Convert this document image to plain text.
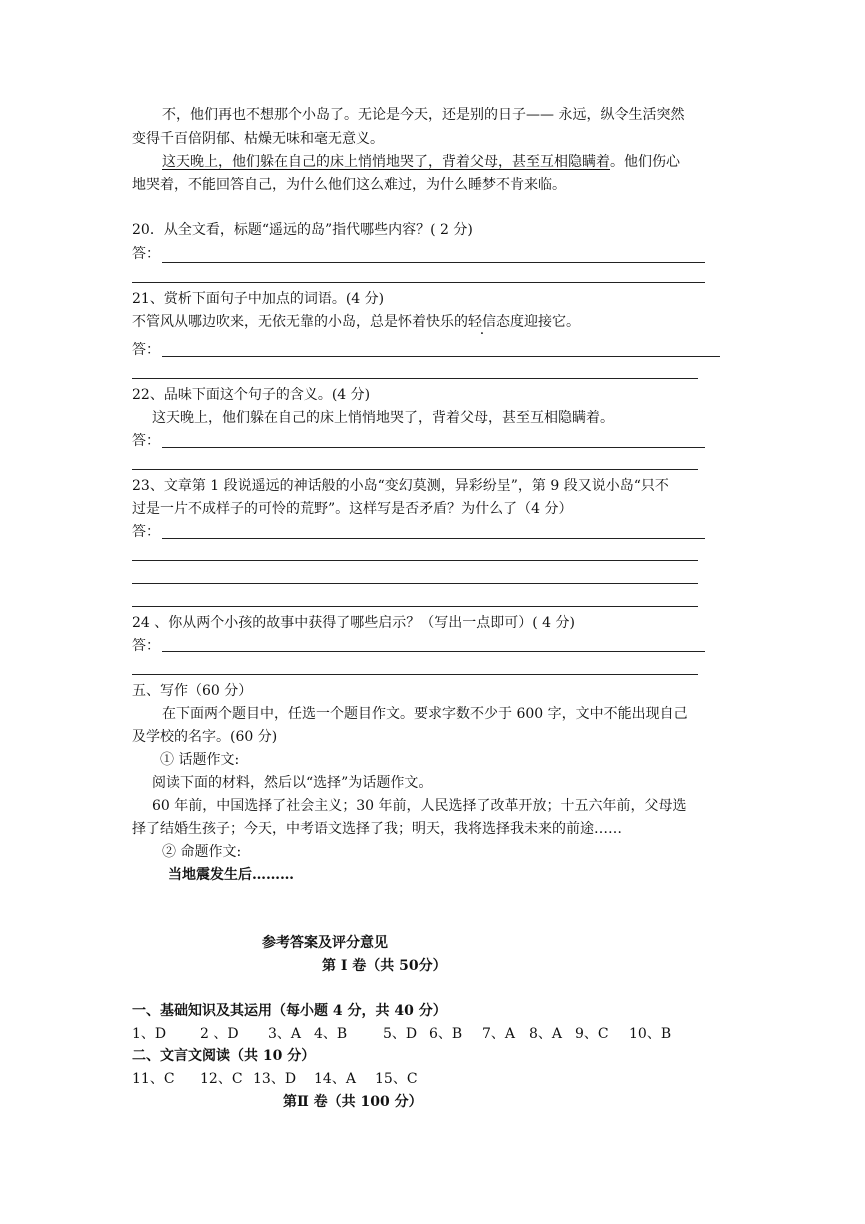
不，他们再也不想那个小岛了。无论是今天，还是别的日子—— 永远，纵令生活突然
变得千百倍阴郁、枯燥无味和毫无意义。
这天晚上，他们躲在自己的床上悄悄地哭了，背着父母，甚至互相隐瞒着。他们伤心
地哭着，不能回答自己，为什么他们这么难过，为什么睡梦不肯来临。
20．从全文看，标题“遥远的岛”指代哪些内容？( 2 分)
答：
21、赏析下面句子中加点的词语。(4 分)
不管风从哪边吹来，无依无靠的小岛，总是怀着快乐的轻信态度迎接它。
答：
22、品味下面这个句子的含义。(4 分)
这天晚上，他们躲在自己的床上悄悄地哭了，背着父母，甚至互相隐瞒着。
答：
23、文章第 1 段说遥远的神话般的小岛“变幻莫测，异彩纷呈”，第 9 段又说小岛“只不
过是一片不成样子的可怜的荒野”。这样写是否矛盾？为什么了（4 分）
答：
24 、你从两个小孩的故事中获得了哪些启示？（写出一点即可）( 4 分)
答：
五、写作（60 分）
在下面两个题目中，任选一个题目作文。要求字数不少于 600 字，文中不能出现自己
及学校的名字。(60 分)
① 话题作文:
阅读下面的材料，然后以“选择”为话题作文。
60 年前，中国选择了社会主义；30 年前，人民选择了改革开放；十五六年前，父母选
择了结婚生孩子；今天，中考语文选择了我；明天，我将选择我未来的前途……
② 命题作文:
当地震发生后………
参考答案及评分意见
第 I 卷（共 50分）
一、基础知识及其运用（每小题 4 分，共 40 分）
1、D 2 、D 3、A 4、B	5、D 6、B 7、A 8、A 9、C 10、B
二、文言文阅读（共 10 分）
11、C 12、C 13、D 14、A 15、C
第Ⅱ 卷（共 100 分）
